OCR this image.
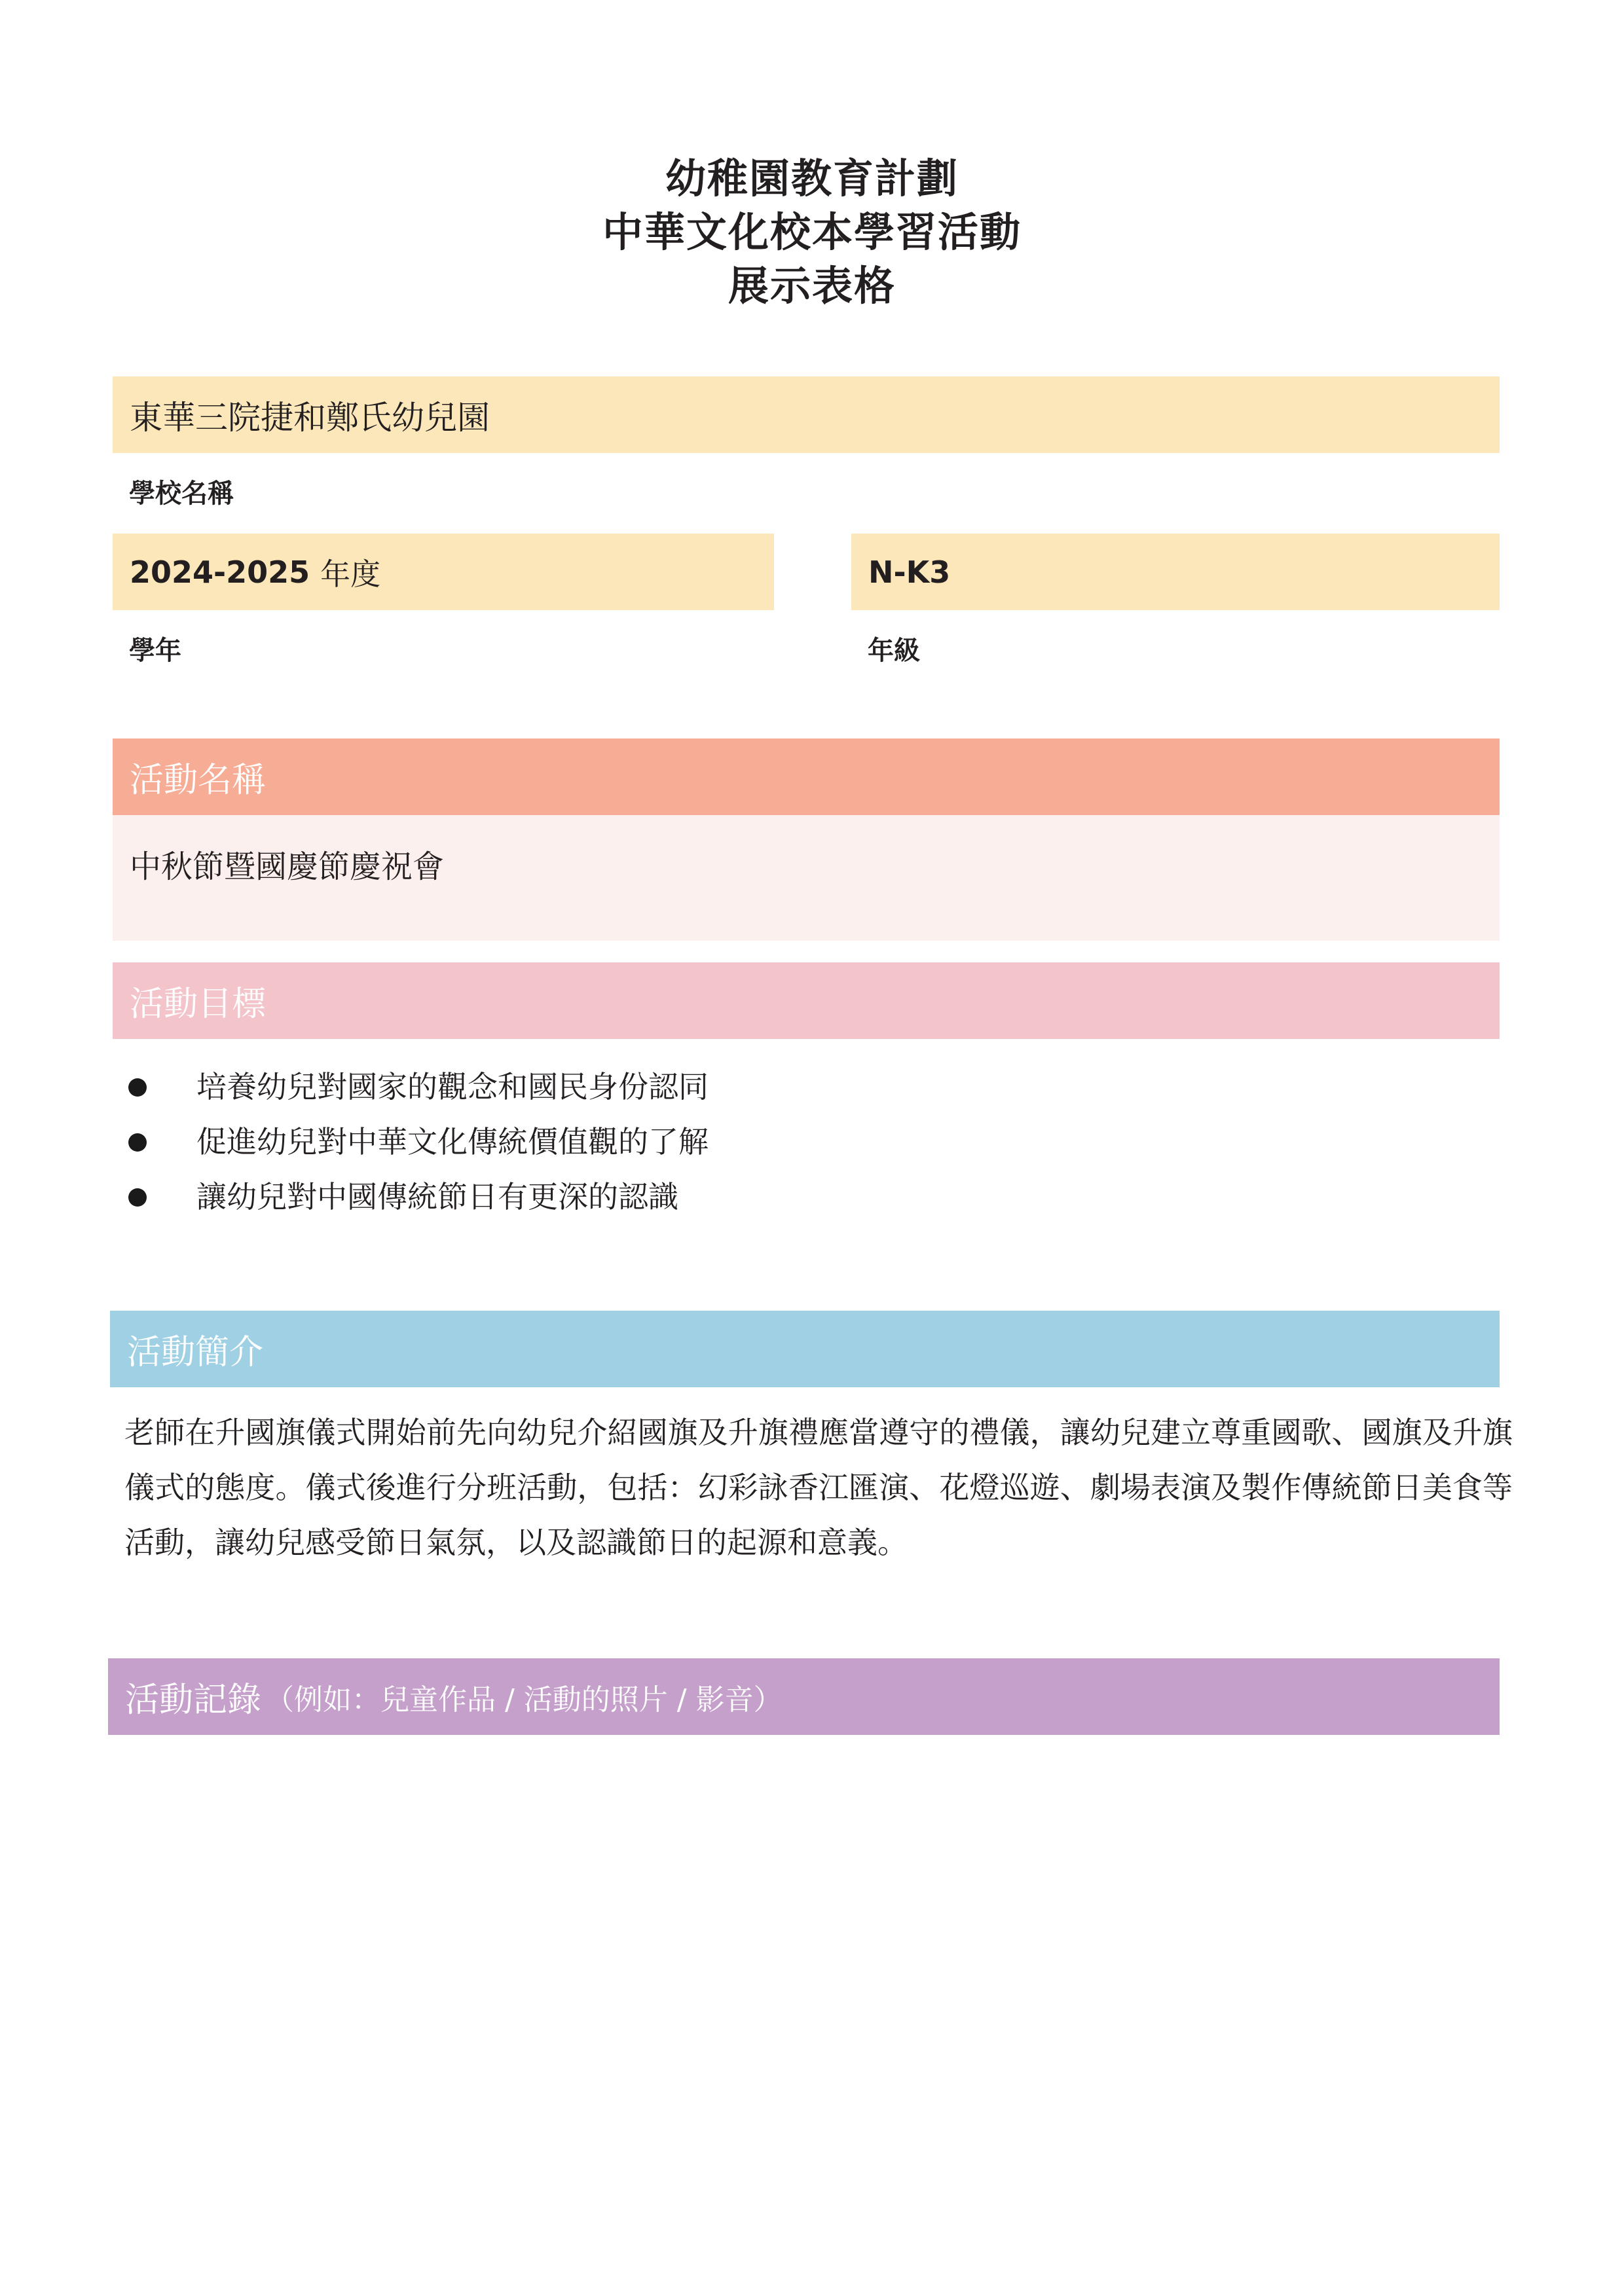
幼稚園教育計劃
中華文化校本學習活動
展示表格
東華三院捷和鄭氏幼兒園
學校名稱
2024-2025 年度
學年
N-K3
年級
活動名稱
中秋節暨國慶節慶祝會
活動目標
培養幼兒對國家的觀念和國民身份認同
促進幼兒對中華文化傳統價值觀的了解
讓幼兒對中國傳統節日有更深的認識
活動簡介

老師在升國旗儀式開始前先向幼兒介紹國旗及升旗禮應當遵守的禮儀，讓幼兒建立尊重國歌、國旗及升旗儀式的態度。儀式後進行分班活動，包括：幻彩詠香江匯演、花燈巡遊、劇場表演及製作傳統節日美食等活動，讓幼兒感受節日氣氛，以及認識節日的起源和意義。

活動記錄 （例如：兒童作品 / 活動的照片 / 影音）
